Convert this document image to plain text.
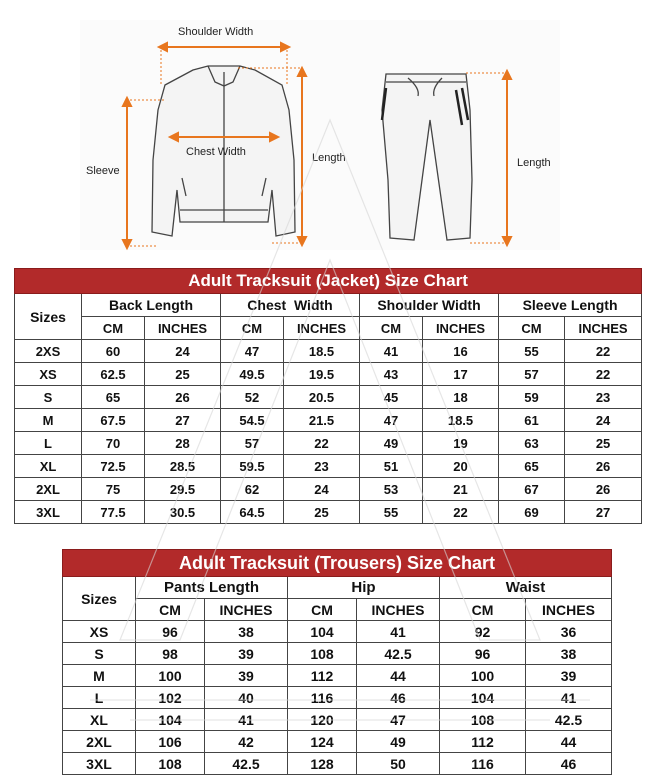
Shoulder Width
Chest Width
Sleeve
Length	Length
Adult Tracksuit (Jacket) Size Chart								
Sizes	Back Length		Chest  Width		Shoulder Width		Sleeve Length	
	CM	INCHES	CM	INCHES	CM	INCHES	CM	INCHES
2XS	60	24	47	18.5	41	16	55	22
XS	62.5	25	49.5	19.5	43	17	57	22
S	65	26	52	20.5	45	18	59	23
M	67.5	27	54.5	21.5	47	18.5	61	24
L	70	28	57	22	49	19	63	25
XL	72.5	28.5	59.5	23	51	20	65	26
2XL	75	29.5	62	24	53	21	67	26
3XL	77.5	30.5	64.5	25	55	22	69	27
Adult Tracksuit (Trousers) Size Chart						
Sizes	Pants Length		Hip		Waist	
	CM	INCHES	CM	INCHES	CM	INCHES
XS	96	38	104	41	92	36
S	98	39	108	42.5	96	38
M	100	39	112	44	100	39
L	102	40	116	46	104	41
XL	104	41	120	47	108	42.5
2XL	106	42	124	49	112	44
3XL	108	42.5	128	50	116	46
